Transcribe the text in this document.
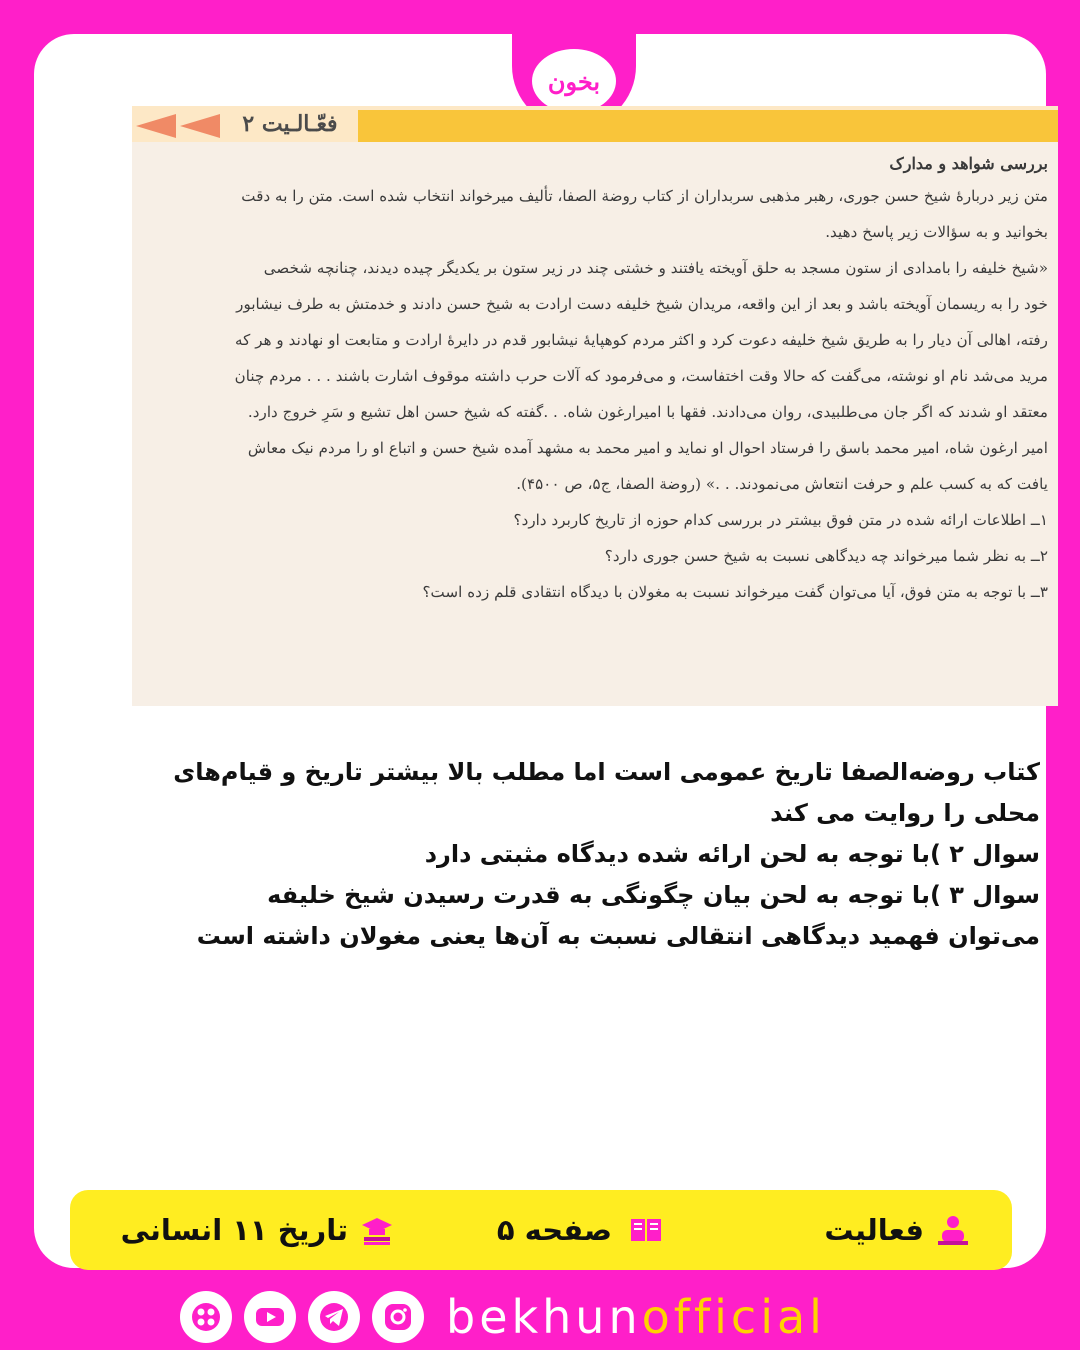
بخون
فعّـالـیت ۲

بررسی شواهد و مدارک

متن زیر دربارهٔ شیخ حسن جوری، رهبر مذهبی سربداران از کتاب روضة الصفا، تألیف میرخواند انتخاب شده است. متن را به دقت

بخوانید و به سؤالات زیر پاسخ دهید.

«شیخ خلیفه را بامدادی از ستون مسجد به حلق آویخته یافتند و خشتی چند در زیر ستون بر یکدیگر چیده دیدند، چنانچه شخصی

خود را به ریسمان آویخته باشد و بعد از این واقعه، مریدان شیخ خلیفه دست ارادت به شیخ حسن دادند و خدمتش به طرف نیشابور

رفته، اهالی آن دیار را به طریق شیخ خلیفه دعوت کرد و اکثر مردم کوهپایهٔ نیشابور قدم در دایرهٔ ارادت و متابعت او نهادند و هر که

مرید می‌شد نام او نوشته، می‌گفت که حالا وقت اختفاست، و می‌فرمود که آلات حرب داشته موقوف اشارت باشند . . . مردم چنان

معتقد او شدند که اگر جان می‌طلبیدی، روان می‌دادند. فقها با امیرارغون شاه. . .گفته که شیخ حسن اهل تشیع و سَرِ خروج دارد.

امیر ارغون شاه، امیر محمد باسق را فرستاد احوال او نماید و امیر محمد به مشهد آمده شیخ حسن و اتباع او را مردم نیک معاش

یافت که به کسب علم و حرفت انتعاش می‌نمودند. . .» (روضة الصفا، ج۵، ص ۴۵۰۰).

۱ــ اطلاعات ارائه شده در متن فوق بیشتر در بررسی کدام حوزه از تاریخ کاربرد دارد؟

۲ــ به نظر شما میرخواند چه دیدگاهی نسبت به شیخ حسن جوری دارد؟

۳ــ با توجه به متن فوق، آیا می‌توان گفت میرخواند نسبت به مغولان با دیدگاه انتقادی قلم زده است؟

کتاب روضه‌الصفا تاریخ عمومی است اما مطلب بالا بیشتر تاریخ و قیام‌های
محلی را روایت می کند
سوال ۲ )با توجه به لحن ارائه شده دیدگاه مثبتی دارد
سوال ۳ )با توجه به لحن بیان چگونگی به قدرت رسیدن شیخ خلیفه
می‌توان فهمید دیدگاهی انتقالی نسبت به آن‌ها یعنی مغولان داشته است
فعالیت
صفحه ۵
تاریخ ۱۱ انسانی
bekhunofficial
